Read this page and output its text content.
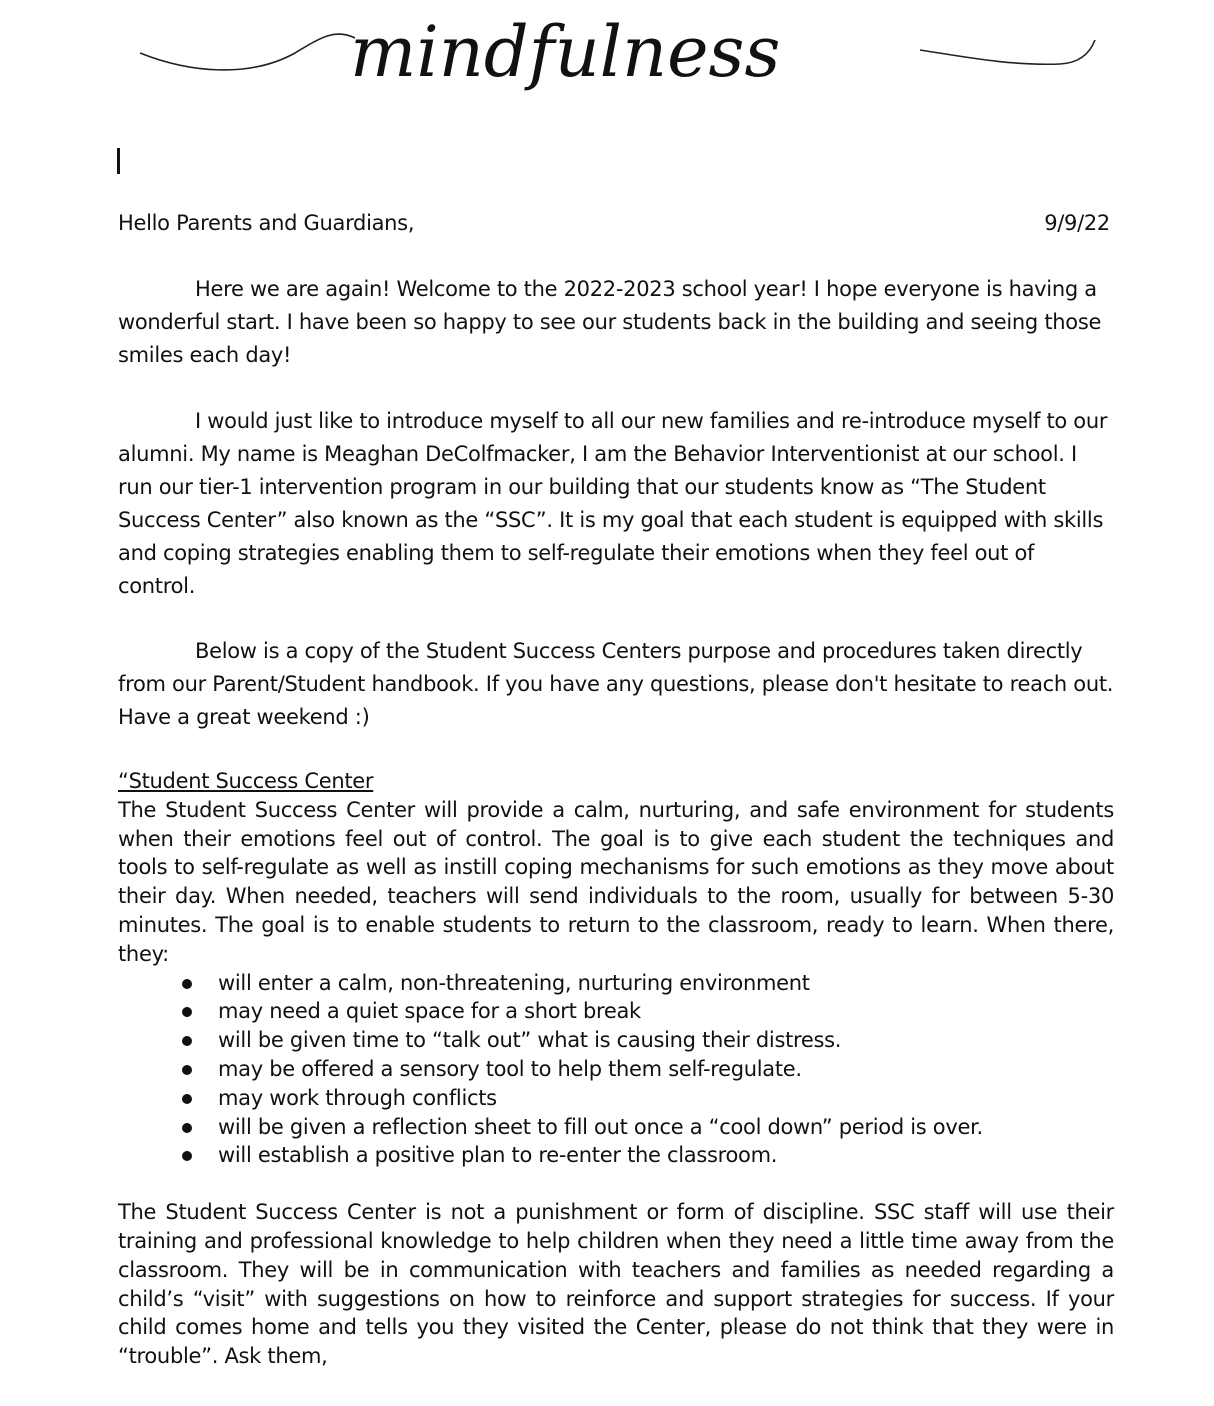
mindfulness
Hello Parents and Guardians,	9/9/22

Here we are again! Welcome to the 2022-2023 school year! I hope everyone is having a wonderful start. I have been so happy to see our students back in the building and seeing those smiles each day!

I would just like to introduce myself to all our new families and re-introduce myself to our alumni. My name is Meaghan DeColfmacker, I am the Behavior Interventionist at our school. I run our tier-1 intervention program in our building that our students know as “The Student Success Center” also known as the “SSC”. It is my goal that each student is equipped with skills and coping strategies enabling them to self-regulate their emotions when they feel out of control.

Below is a copy of the Student Success Centers purpose and procedures taken directly from our Parent/Student handbook. If you have any questions, please don't hesitate to reach out. Have a great weekend :)

“Student Success Center

The Student Success Center will provide a calm, nurturing, and safe environment for students when their emotions feel out of control. The goal is to give each student the techniques and tools to self-regulate as well as instill coping mechanisms for such emotions as they move about their day. When needed, teachers will send individuals to the room, usually for between 5-30 minutes. The goal is to enable students to return to the classroom, ready to learn. When there, they:

will enter a calm, non-threatening, nurturing environment
may need a quiet space for a short break
will be given time to “talk out” what is causing their distress.
may be offered a sensory tool to help them self-regulate.
may work through conflicts
will be given a reflection sheet to fill out once a “cool down” period is over.
will establish a positive plan to re-enter the classroom.

The Student Success Center is not a punishment or form of discipline. SSC staff will use their training and professional knowledge to help children when they need a little time away from the classroom. They will be in communication with teachers and families as needed regarding a child’s “visit” with suggestions on how to reinforce and support strategies for success. If your child comes home and tells you they visited the Center, please do not think that they were in “trouble”. Ask them,
